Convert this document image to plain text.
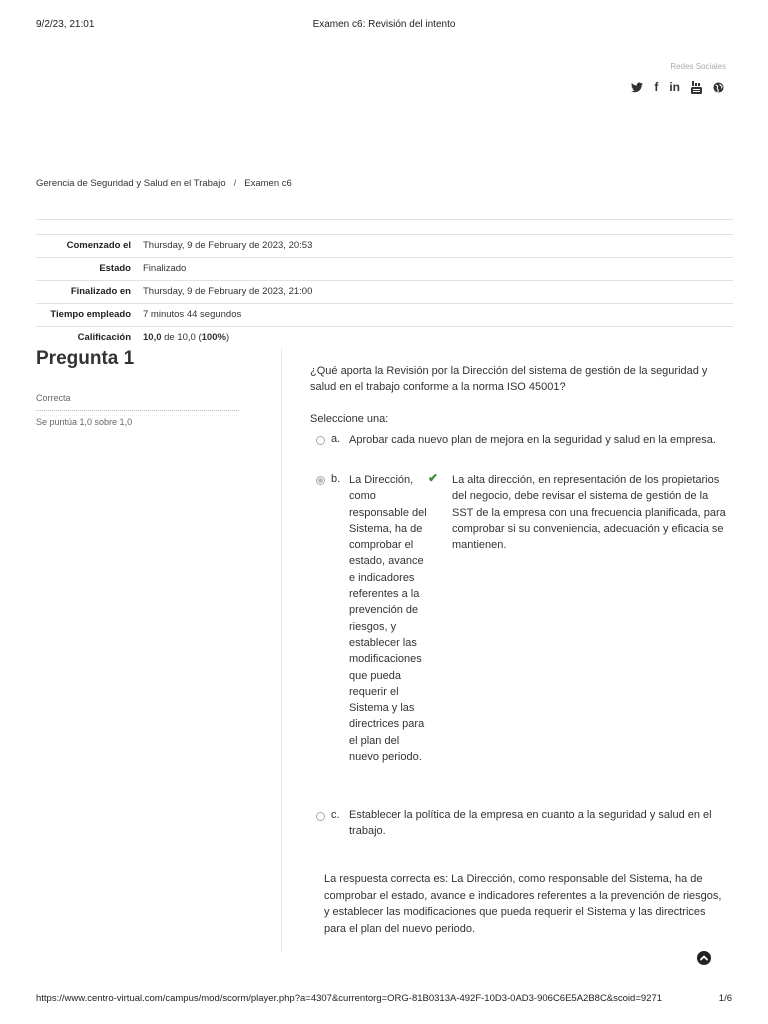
9/2/23, 21:01	Examen c6: Revisión del intento
Redes Sociales
f in
Gerencia de Seguridad y Salud en el Trabajo / Examen c6
Comenzado el	Thursday, 9 de February de 2023, 20:53
Estado	Finalizado
Finalizado en	Thursday, 9 de February de 2023, 21:00
Tiempo empleado	7 minutos 44 segundos
Calificación	10,0 de 10,0 (100%)
Pregunta 1
Correcta
Se puntúa 1,0 sobre 1,0
¿Qué aporta la Revisión por la Dirección del sistema de gestión de la seguridad y salud en el trabajo conforme a la norma ISO 45001?
Seleccione una:
a. Aprobar cada nuevo plan de mejora en la seguridad y salud en la empresa.
b. La Dirección, como responsable del Sistema, ha de comprobar el estado, avance e indicadores referentes a la prevención de riesgos, y establecer las modificaciones que pueda requerir el Sistema y las directrices para el plan del nuevo periodo.
✔ La alta dirección, en representación de los propietarios del negocio, debe revisar el sistema de gestión de la SST de la empresa con una frecuencia planificada, para comprobar si su conveniencia, adecuación y eficacia se mantienen.
c. Establecer la política de la empresa en cuanto a la seguridad y salud en el trabajo.
La respuesta correcta es: La Dirección, como responsable del Sistema, ha de comprobar el estado, avance e indicadores referentes a la prevención de riesgos, y establecer las modificaciones que pueda requerir el Sistema y las directrices para el plan del nuevo periodo.
https://www.centro-virtual.com/campus/mod/scorm/player.php?a=4307&currentorg=ORG-81B0313A-492F-10D3-0AD3-906C6E5A2B8C&scoid=9271	1/6
